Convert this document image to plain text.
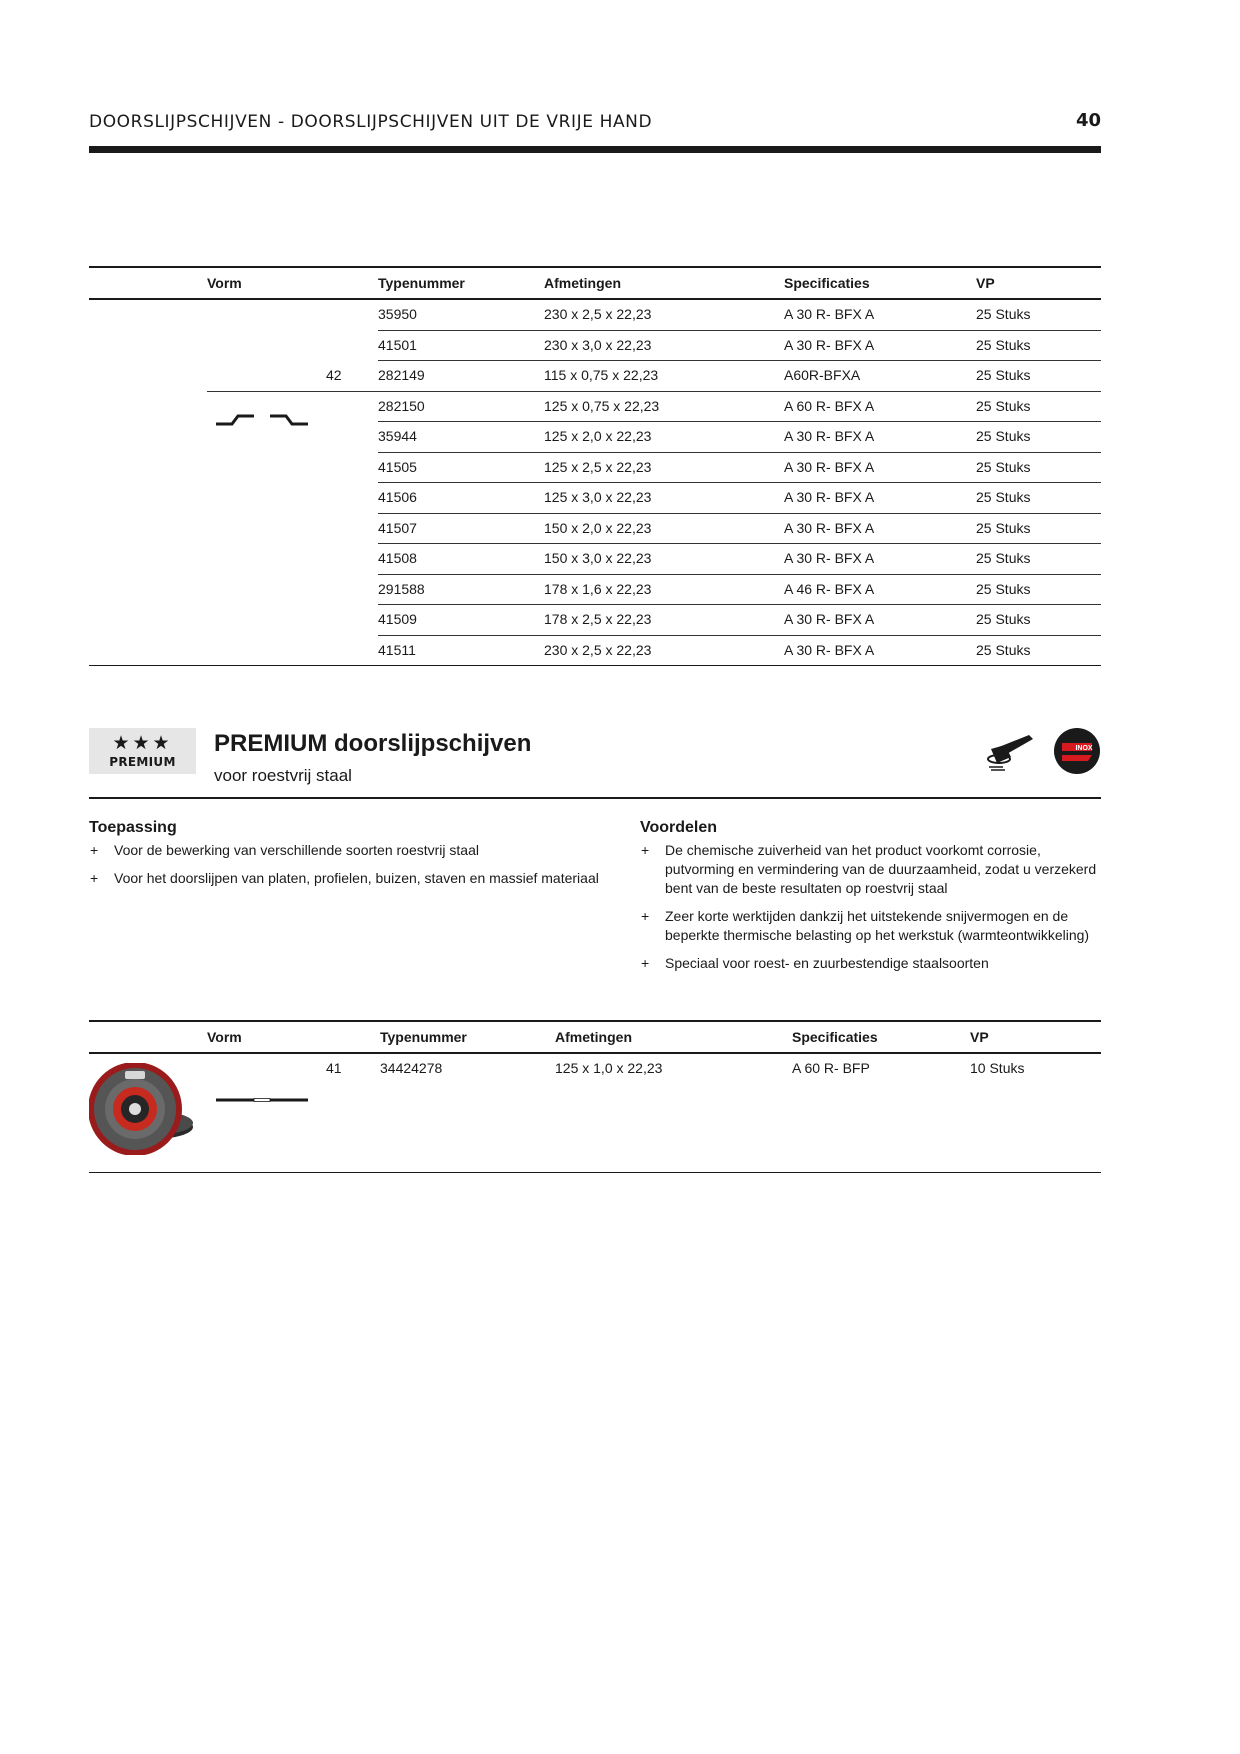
DOORSLIJPSCHIJVEN - DOORSLIJPSCHIJVEN UIT DE VRIJE HAND	40
Vorm	Typenummer	Afmetingen	Specificaties	VP
35950	230 x 2,5 x 22,23	A 30 R- BFX A	25 Stuks
41501	230 x 3,0 x 22,23	A 30 R- BFX A	25 Stuks
42	282149	115 x 0,75 x 22,23	A60R-BFXA	25 Stuks
282150	125 x 0,75 x 22,23	A 60 R- BFX A	25 Stuks
35944	125 x 2,0 x 22,23	A 30 R- BFX A	25 Stuks
41505	125 x 2,5 x 22,23	A 30 R- BFX A	25 Stuks
41506	125 x 3,0 x 22,23	A 30 R- BFX A	25 Stuks
41507	150 x 2,0 x 22,23	A 30 R- BFX A	25 Stuks
41508	150 x 3,0 x 22,23	A 30 R- BFX A	25 Stuks
291588	178 x 1,6 x 22,23	A 46 R- BFX A	25 Stuks
41509	178 x 2,5 x 22,23	A 30 R- BFX A	25 Stuks
41511	230 x 2,5 x 22,23	A 30 R- BFX A	25 Stuks
★★★
PREMIUM
PREMIUM doorslijpschijven
voor roestvrij staal
INOX
Toepassing
+ Voor de bewerking van verschillende soorten roestvrij staal
+ Voor het doorslijpen van platen, profielen, buizen, staven en massief materiaal
Voordelen
+ De chemische zuiverheid van het product voorkomt corrosie, putvorming en vermindering van de duurzaamheid, zodat u verzekerd bent van de beste resultaten op roestvrij staal
+ Zeer korte werktijden dankzij het uitstekende snijvermogen en de beperkte thermische belasting op het werkstuk (warmteontwikkeling)
+ Speciaal voor roest- en zuurbestendige staalsoorten
Vorm	Typenummer	Afmetingen	Specificaties	VP
41	34424278	125 x 1,0 x 22,23	A 60 R- BFP	10 Stuks
